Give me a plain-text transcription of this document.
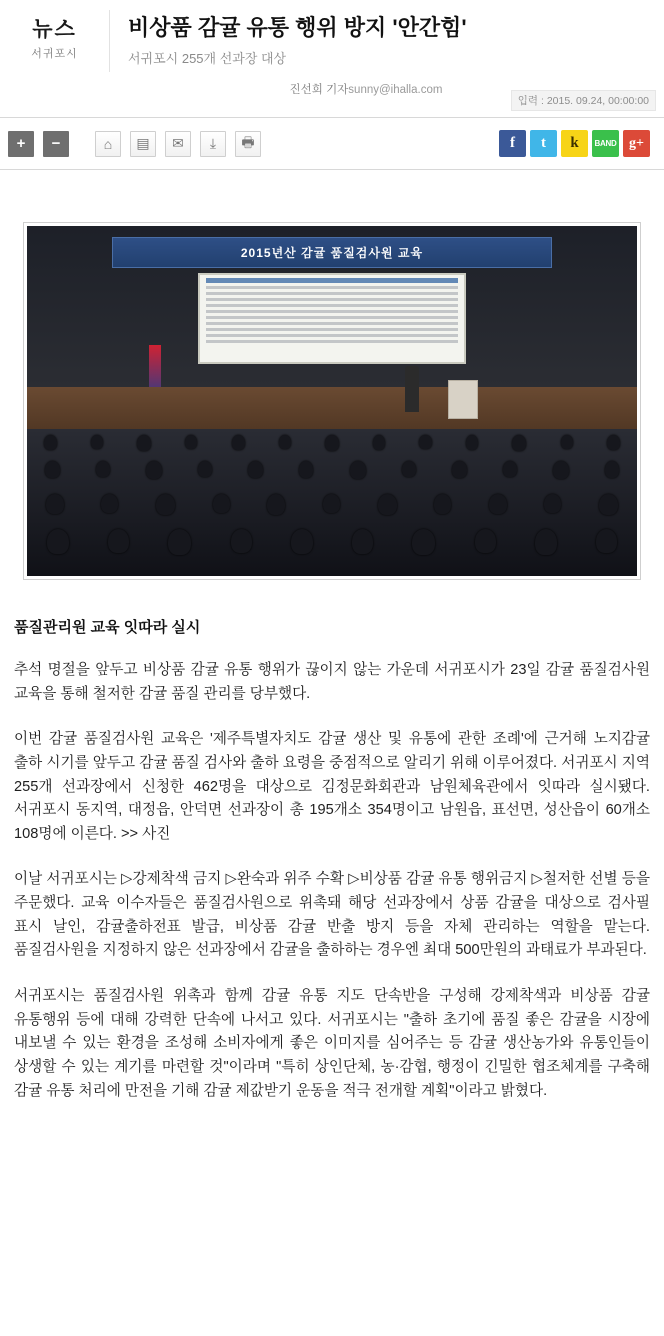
뉴스
서귀포시
비상품 감귤 유통 행위 방지 '안간힘'
서귀포시 255개 선과장 대상
진선희 기자sunny@ihalla.com
입력 : 2015. 09.24, 00:00:00
+	−	⌂	▤	✉	⤓	🖶	f	t	k	BAND g+
2015년산 감귤 품질검사원 교육
품질관리원 교육 잇따라 실시

추석 명절을 앞두고 비상품 감귤 유통 행위가 끊이지 않는 가운데 서귀포시가 23일 감귤 품질검사원 교육을 통해 철저한 감귤 품질 관리를 당부했다.

이번 감귤 품질검사원 교육은 '제주특별자치도 감귤 생산 및 유통에 관한 조례'에 근거해 노지감귤 출하 시기를 앞두고 감귤 품질 검사와 출하 요령을 중점적으로 알리기 위해 이루어졌다. 서귀포시 지역 255개 선과장에서 신청한 462명을 대상으로 김정문화회관과 남원체육관에서 잇따라 실시됐다. 서귀포시 동지역, 대정읍, 안덕면 선과장이 총 195개소 354명이고 남원읍, 표선면, 성산읍이 60개소 108명에 이른다. >> 사진

이날 서귀포시는 ▷강제착색 금지 ▷완숙과 위주 수확 ▷비상품 감귤 유통 행위금지 ▷철저한 선별 등을 주문했다. 교육 이수자들은 품질검사원으로 위촉돼 해당 선과장에서 상품 감귤을 대상으로 검사필 표시 날인, 감귤출하전표 발급, 비상품 감귤 반출 방지 등을 자체 관리하는 역할을 맡는다. 품질검사원을 지정하지 않은 선과장에서 감귤을 출하하는 경우엔 최대 500만원의 과태료가 부과된다.

서귀포시는 품질검사원 위촉과 함께 감귤 유통 지도 단속반을 구성해 강제착색과 비상품 감귤 유통행위 등에 대해 강력한 단속에 나서고 있다. 서귀포시는 "출하 초기에 품질 좋은 감귤을 시장에 내보낼 수 있는 환경을 조성해 소비자에게 좋은 이미지를 심어주는 등 감귤 생산농가와 유통인들이 상생할 수 있는 계기를 마련할 것"이라며 "특히 상인단체, 농·감협, 행정이 긴밀한 협조체계를 구축해 감귤 유통 처리에 만전을 기해 감귤 제값받기 운동을 적극 전개할 계획"이라고 밝혔다.
